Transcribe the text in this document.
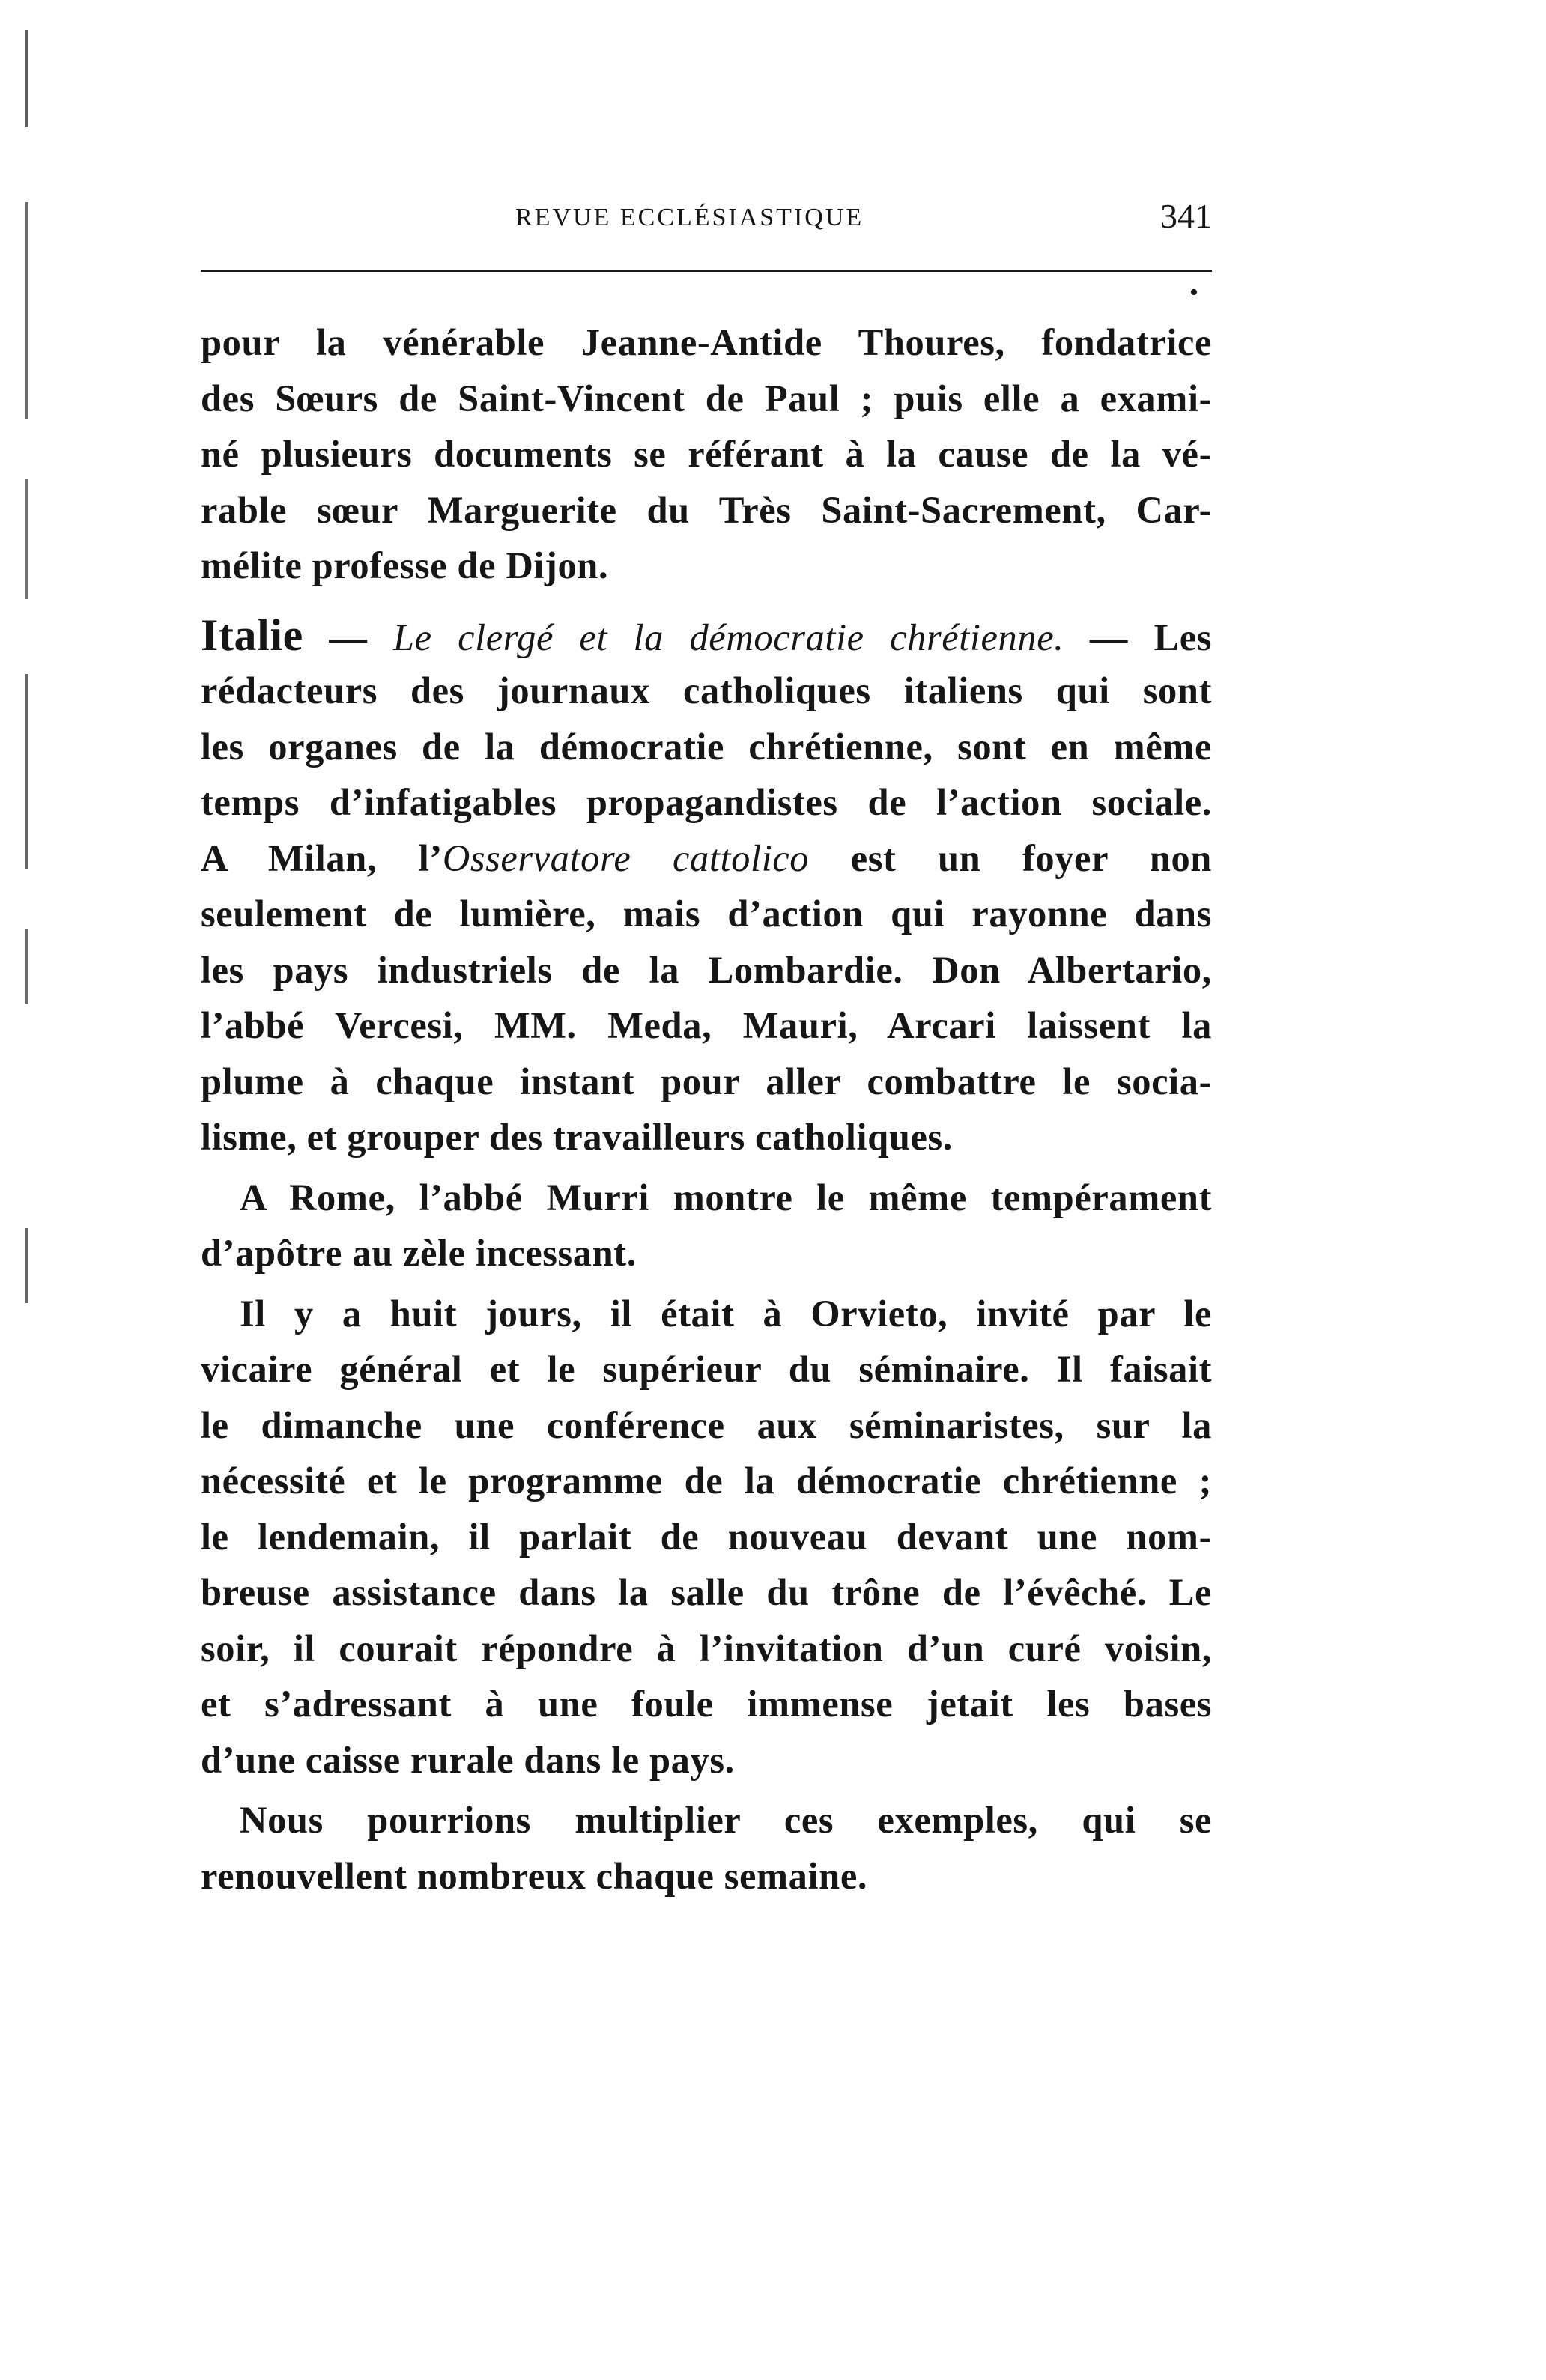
REVUE ECCLÉSIASTIQUE	341
•
pour la vénérable Jeanne-Antide Thoures, fondatrice
des Sœurs de Saint-Vincent de Paul ; puis elle a exami-
né plusieurs documents se référant à la cause de la vé-
rable sœur Marguerite du Très Saint-Sacrement, Car-
mélite professe de Dijon.
Italie — Le clergé et la démocratie chrétienne. — Les
rédacteurs des journaux catholiques italiens qui sont
les organes de la démocratie chrétienne, sont en même
temps d’infatigables propagandistes de l’action sociale.
A Milan, l’Osservatore cattolico est un foyer non
seulement de lumière, mais d’action qui rayonne dans
les pays industriels de la Lombardie. Don Albertario,
l’abbé Vercesi, MM. Meda, Mauri, Arcari laissent la
plume à chaque instant pour aller combattre le socia-
lisme, et grouper des travailleurs catholiques.
A Rome, l’abbé Murri montre le même tempérament
d’apôtre au zèle incessant.
Il y a huit jours, il était à Orvieto, invité par le
vicaire général et le supérieur du séminaire. Il faisait
le dimanche une conférence aux séminaristes, sur la
nécessité et le programme de la démocratie chrétienne ;
le lendemain, il parlait de nouveau devant une nom-
breuse assistance dans la salle du trône de l’évêché. Le
soir, il courait répondre à l’invitation d’un curé voisin,
et s’adressant à une foule immense jetait les bases
d’une caisse rurale dans le pays.
Nous pourrions multiplier ces exemples, qui se
renouvellent nombreux chaque semaine.
